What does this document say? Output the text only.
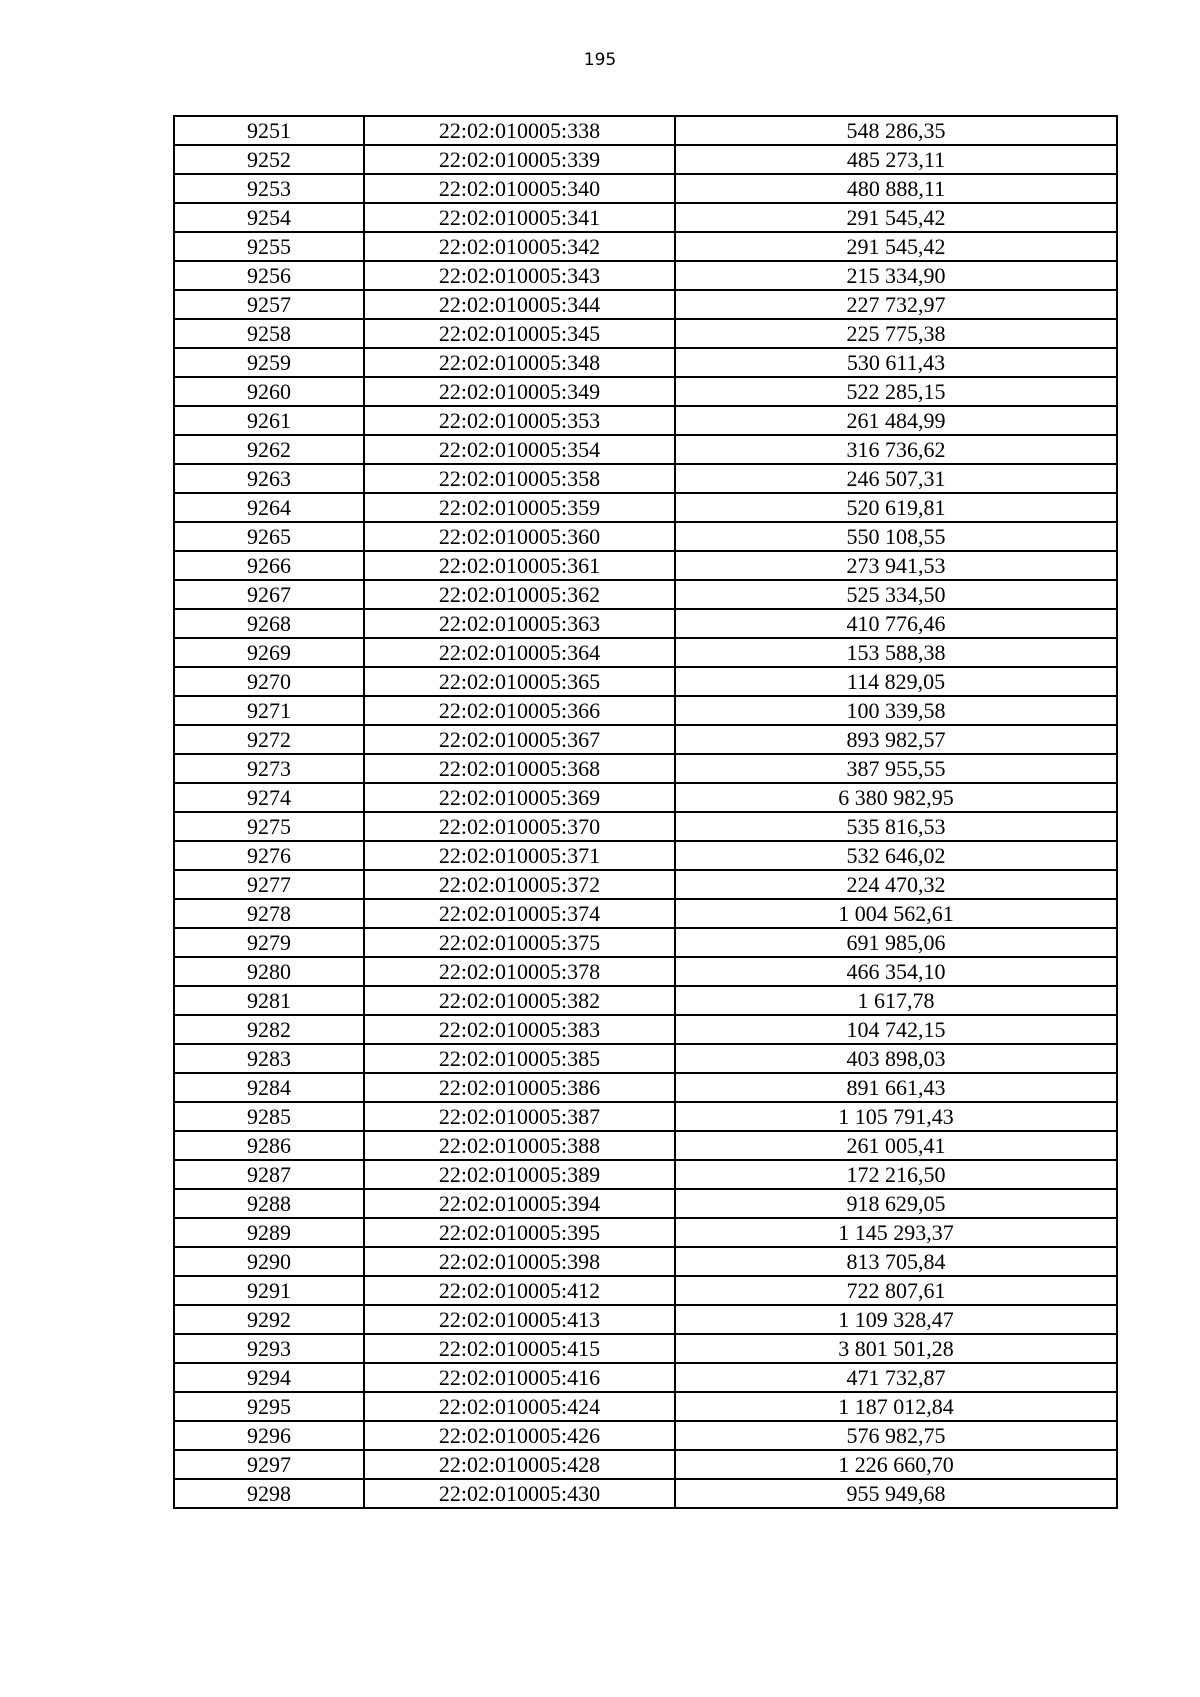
195
9251	22:02:010005:338	548 286,35
9252	22:02:010005:339	485 273,11
9253	22:02:010005:340	480 888,11
9254	22:02:010005:341	291 545,42
9255	22:02:010005:342	291 545,42
9256	22:02:010005:343	215 334,90
9257	22:02:010005:344	227 732,97
9258	22:02:010005:345	225 775,38
9259	22:02:010005:348	530 611,43
9260	22:02:010005:349	522 285,15
9261	22:02:010005:353	261 484,99
9262	22:02:010005:354	316 736,62
9263	22:02:010005:358	246 507,31
9264	22:02:010005:359	520 619,81
9265	22:02:010005:360	550 108,55
9266	22:02:010005:361	273 941,53
9267	22:02:010005:362	525 334,50
9268	22:02:010005:363	410 776,46
9269	22:02:010005:364	153 588,38
9270	22:02:010005:365	114 829,05
9271	22:02:010005:366	100 339,58
9272	22:02:010005:367	893 982,57
9273	22:02:010005:368	387 955,55
9274	22:02:010005:369	6 380 982,95
9275	22:02:010005:370	535 816,53
9276	22:02:010005:371	532 646,02
9277	22:02:010005:372	224 470,32
9278	22:02:010005:374	1 004 562,61
9279	22:02:010005:375	691 985,06
9280	22:02:010005:378	466 354,10
9281	22:02:010005:382	1 617,78
9282	22:02:010005:383	104 742,15
9283	22:02:010005:385	403 898,03
9284	22:02:010005:386	891 661,43
9285	22:02:010005:387	1 105 791,43
9286	22:02:010005:388	261 005,41
9287	22:02:010005:389	172 216,50
9288	22:02:010005:394	918 629,05
9289	22:02:010005:395	1 145 293,37
9290	22:02:010005:398	813 705,84
9291	22:02:010005:412	722 807,61
9292	22:02:010005:413	1 109 328,47
9293	22:02:010005:415	3 801 501,28
9294	22:02:010005:416	471 732,87
9295	22:02:010005:424	1 187 012,84
9296	22:02:010005:426	576 982,75
9297	22:02:010005:428	1 226 660,70
9298	22:02:010005:430	955 949,68
